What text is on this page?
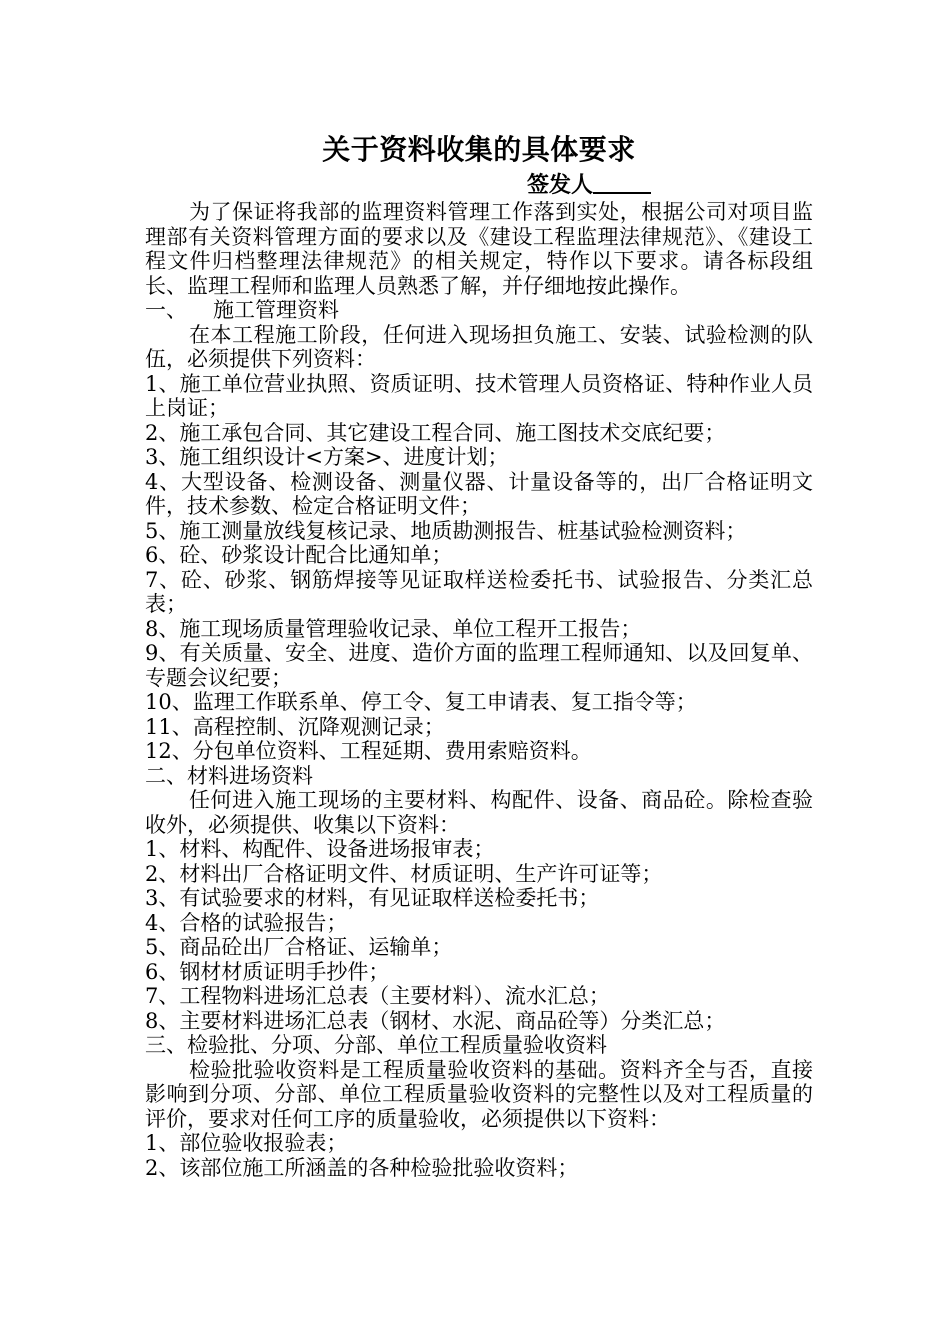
关于资料收集的具体要求

签发人

为了保证将我部的监理资料管理工作落到实处，根据公司对项目监理部有关资料管理方面的要求以及《建设工程监理法律规范》、《建设工程文件归档整理法律规范》的相关规定，特作以下要求。请各标段组长、监理工程师和监理人员熟悉了解，并仔细地按此操作。

一、 施工管理资料

在本工程施工阶段，任何进入现场担负施工、安装、试验检测的队伍，必须提供下列资料：

1、施工单位营业执照、资质证明、技术管理人员资格证、特种作业人员上岗证；

2、施工承包合同、其它建设工程合同、施工图技术交底纪要；

3、施工组织设计<方案>、进度计划；

4、大型设备、检测设备、测量仪器、计量设备等的，出厂合格证明文件，技术参数、检定合格证明文件；

5、施工测量放线复核记录、地质勘测报告、桩基试验检测资料；

6、砼、砂浆设计配合比通知单；

7、砼、砂浆、钢筋焊接等见证取样送检委托书、试验报告、分类汇总表；

8、施工现场质量管理验收记录、单位工程开工报告；

9、有关质量、安全、进度、造价方面的监理工程师通知、以及回复单、专题会议纪要；

10、监理工作联系单、停工令、复工申请表、复工指令等；

11、高程控制、沉降观测记录；

12、分包单位资料、工程延期、费用索赔资料。

二、材料进场资料

任何进入施工现场的主要材料、构配件、设备、商品砼。除检查验收外，必须提供、收集以下资料：

1、材料、构配件、设备进场报审表；

2、材料出厂合格证明文件、材质证明、生产许可证等；

3、有试验要求的材料，有见证取样送检委托书；

4、合格的试验报告；

5、商品砼出厂合格证、运输单；

6、钢材材质证明手抄件；

7、工程物料进场汇总表（主要材料）、流水汇总；

8、主要材料进场汇总表（钢材、水泥、商品砼等）分类汇总；

三、检验批、分项、分部、单位工程质量验收资料

检验批验收资料是工程质量验收资料的基础。资料齐全与否，直接影响到分项、分部、单位工程质量验收资料的完整性以及对工程质量的评价，要求对任何工序的质量验收，必须提供以下资料：

1、部位验收报验表；

2、该部位施工所涵盖的各种检验批验收资料；
